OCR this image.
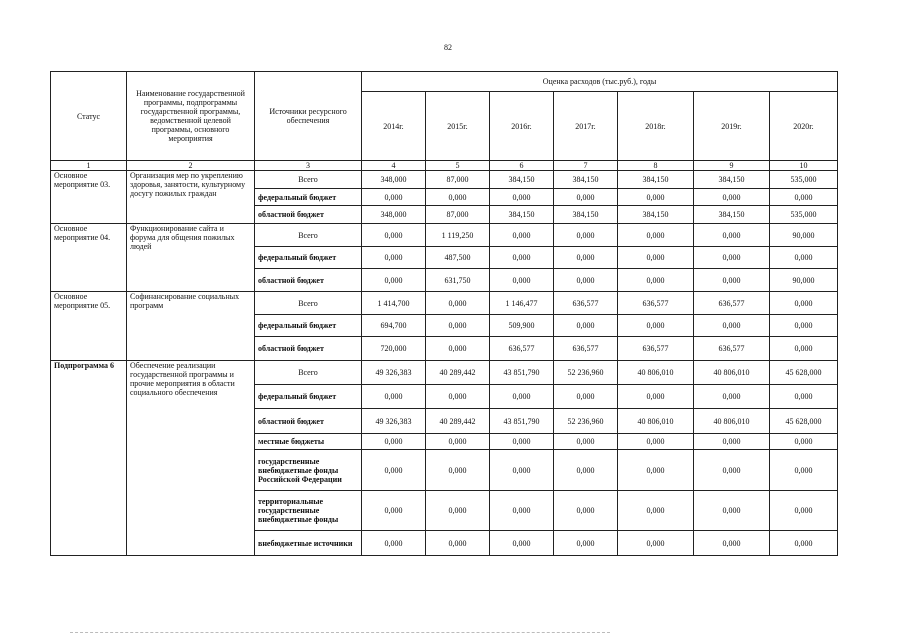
82
Статус	Наименование государственной программы, подпрограммы государственной программы, ведомственной целевой программы, основного мероприятия	Источники ресурсного обеспечения	Оценка расходов (тыс.руб.), годы						
			2014г.	2015г.	2016г.	2017г.	2018г.	2019г.	2020г.
1	2	3	4	5	6	7	8	9	10
Основное мероприятие 03.	Организация мер по укреплению здоровья, занятости, культурному досугу пожилых граждан	Всего	348,000	87,000	384,150	384,150	384,150	384,150	535,000
		федеральный бюджет	0,000	0,000	0,000	0,000	0,000	0,000	0,000
		областной бюджет	348,000	87,000	384,150	384,150	384,150	384,150	535,000
Основное мероприятие 04.	Функционирование сайта и форума для общения пожилых людей	Всего	0,000	1 119,250	0,000	0,000	0,000	0,000	90,000
		федеральный бюджет	0,000	487,500	0,000	0,000	0,000	0,000	0,000
		областной бюджет	0,000	631,750	0,000	0,000	0,000	0,000	90,000
Основное мероприятие 05.	Софинансирование социальных программ	Всего	1 414,700	0,000	1 146,477	636,577	636,577	636,577	0,000
		федеральный бюджет	694,700	0,000	509,900	0,000	0,000	0,000	0,000
		областной бюджет	720,000	0,000	636,577	636,577	636,577	636,577	0,000
Подпрограмма 6	Обеспечение реализации государственной программы и прочие мероприятия в области социального обеспечения	Всего	49 326,383	40 289,442	43 851,790	52 236,960	40 806,010	40 806,010	45 628,000
		федеральный бюджет	0,000	0,000	0,000	0,000	0,000	0,000	0,000
		областной бюджет	49 326,383	40 289,442	43 851,790	52 236,960	40 806,010	40 806,010	45 628,000
		местные бюджеты	0,000	0,000	0,000	0,000	0,000	0,000	0,000
		государственные внебюджетные фонды Российской Федерации	0,000	0,000	0,000	0,000	0,000	0,000	0,000
		территориальные государственные внебюджетные фонды	0,000	0,000	0,000	0,000	0,000	0,000	0,000
		внебюджетные источники	0,000	0,000	0,000	0,000	0,000	0,000	0,000
